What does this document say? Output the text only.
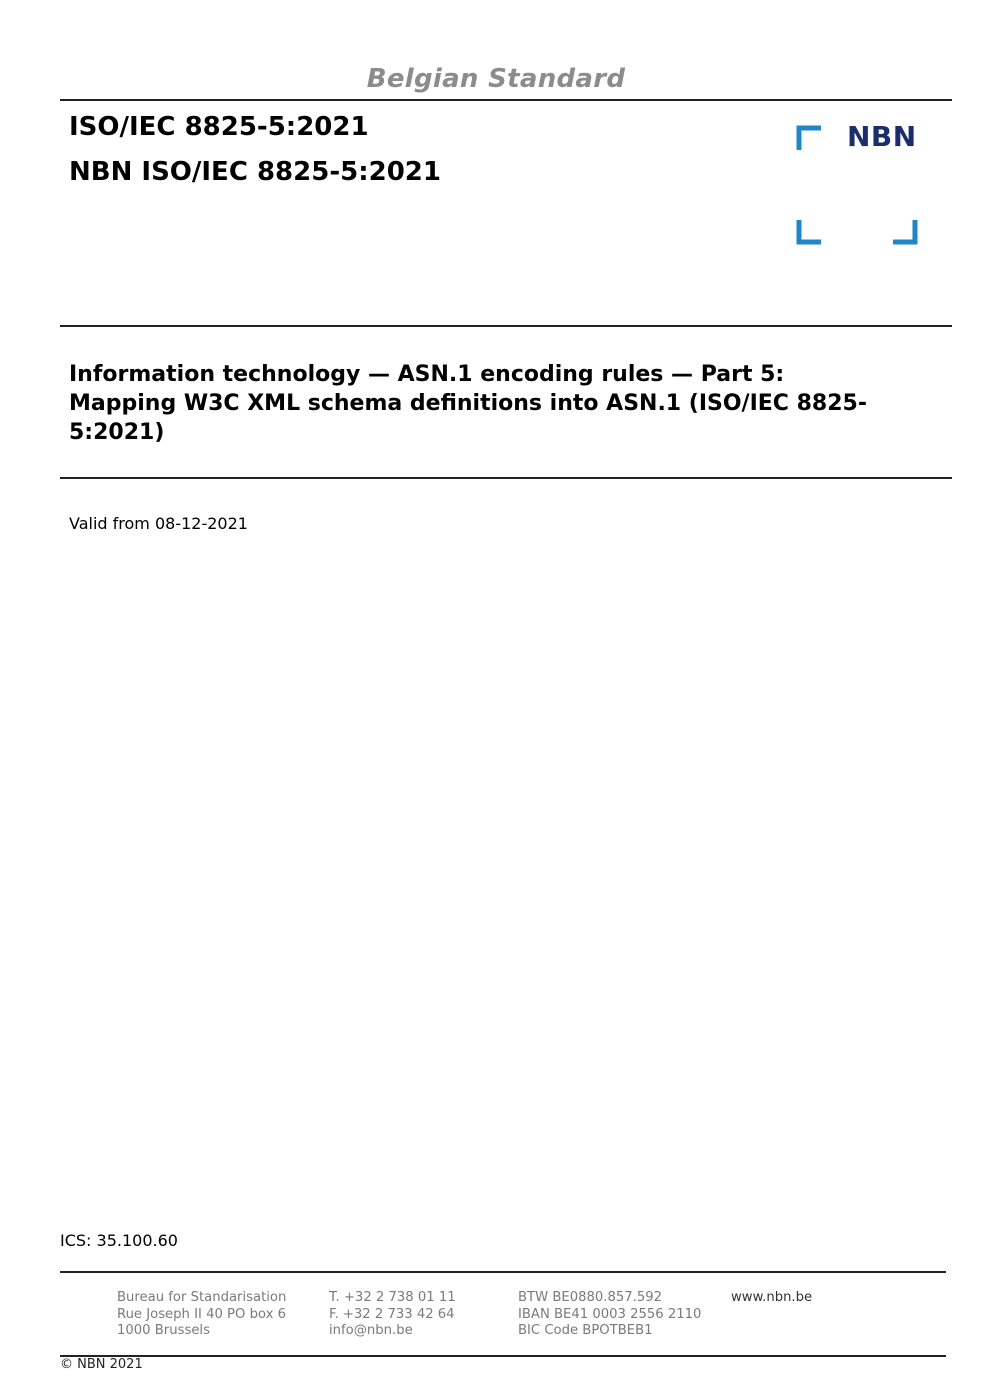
Belgian Standard
ISO/IEC 8825-5:2021
NBN ISO/IEC 8825-5:2021
NBN
Information technology — ASN.1 encoding rules — Part 5:
Mapping W3C XML schema definitions into ASN.1 (ISO/IEC 8825-
5:2021)
Valid from 08-12-2021
ICS: 35.100.60
Bureau for Standarisation
Rue Joseph II 40 PO box 6
1000 Brussels
T. +32 2 738 01 11
F. +32 2 733 42 64
info@nbn.be
BTW BE0880.857.592
IBAN BE41 0003 2556 2110
BIC Code BPOTBEB1
www.nbn.be
© NBN 2021
